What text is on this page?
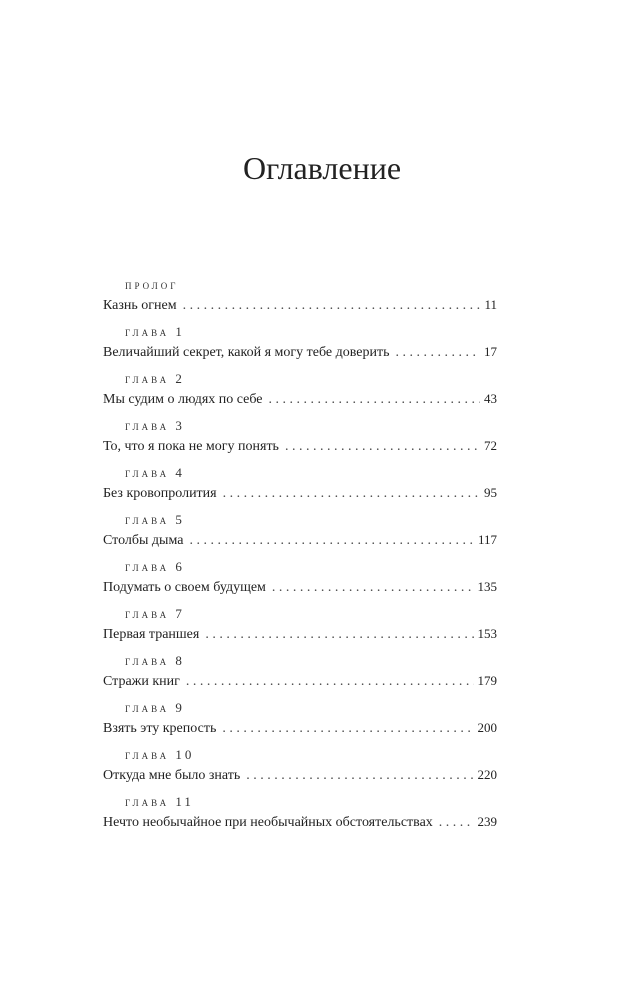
Оглавление
пролог
Казнь огнем . . .	11
глава 1
Величайший секрет, какой я могу тебе доверить . . .	17
глава 2
Мы судим о людях по себе . . .	43
глава 3
То, что я пока не могу понять . . .	72
глава 4
Без кровопролития . . .	95
глава 5
Столбы дыма . . .	117
глава 6
Подумать о своем будущем . . .	135
глава 7
Первая траншея . . .	153
глава 8
Стражи книг . . .	179
глава 9
Взять эту крепость . . .	200
глава 10
Откуда мне было знать . . .	220
глава 11
Нечто необычайное при необычайных обстоятельствах . . .	239
